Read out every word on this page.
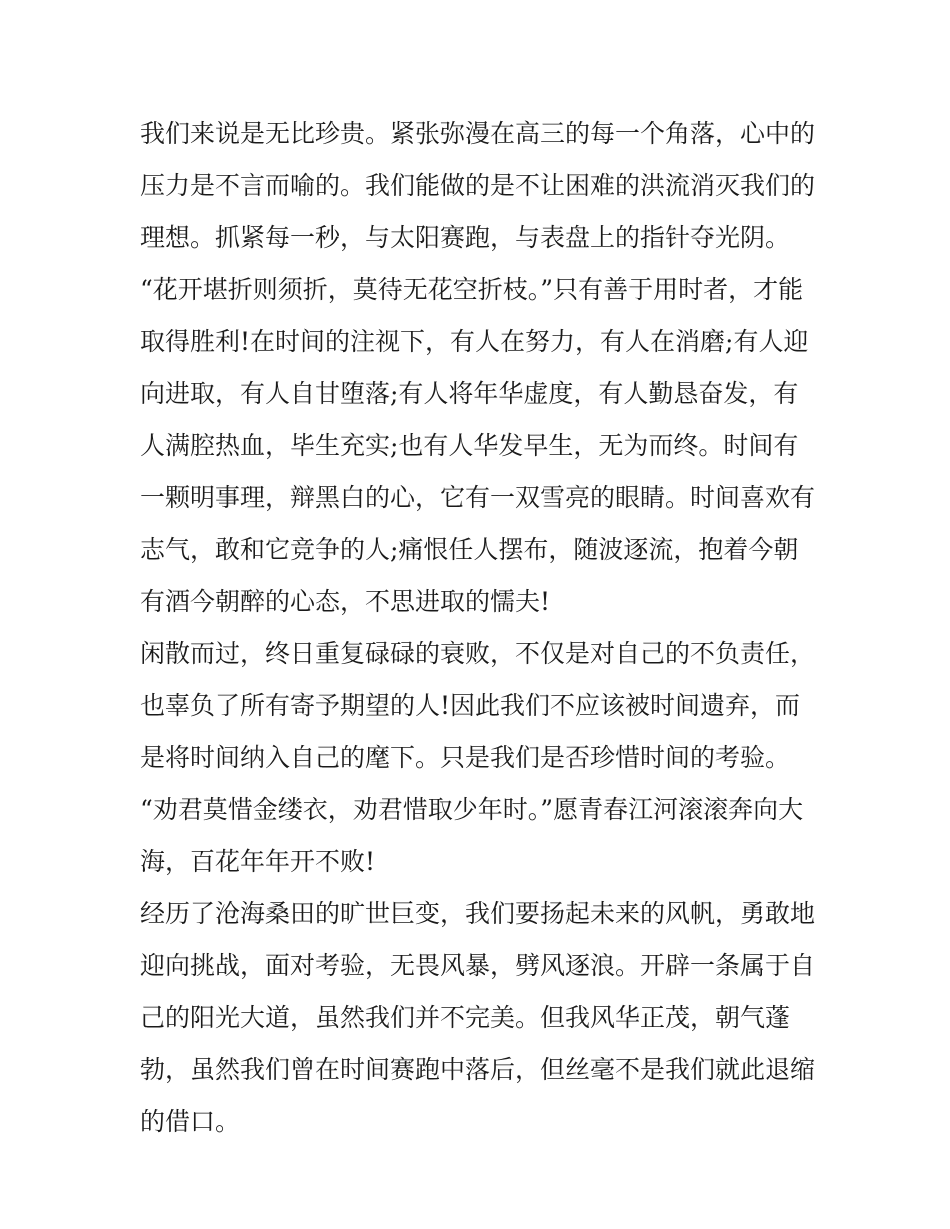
我们来说是无比珍贵。紧张弥漫在高三的每一个角落，心中的
压力是不言而喻的。我们能做的是不让困难的洪流消灭我们的
理想。抓紧每一秒，与太阳赛跑，与表盘上的指针夺光阴。
“花开堪折则须折，莫待无花空折枝。”只有善于用时者，才能
取得胜利!在时间的注视下，有人在努力，有人在消磨;有人迎
向进取，有人自甘堕落;有人将年华虚度，有人勤恳奋发，有
人满腔热血，毕生充实;也有人华发早生，无为而终。时间有
一颗明事理，辩黑白的心，它有一双雪亮的眼睛。时间喜欢有
志气，敢和它竞争的人;痛恨任人摆布，随波逐流，抱着今朝
有酒今朝醉的心态，不思进取的懦夫!
闲散而过，终日重复碌碌的衰败，不仅是对自己的不负责任，
也辜负了所有寄予期望的人!因此我们不应该被时间遗弃，而
是将时间纳入自己的麾下。只是我们是否珍惜时间的考验。
“劝君莫惜金缕衣，劝君惜取少年时。”愿青春江河滚滚奔向大
海，百花年年开不败!
经历了沧海桑田的旷世巨变，我们要扬起未来的风帆，勇敢地
迎向挑战，面对考验，无畏风暴，劈风逐浪。开辟一条属于自
己的阳光大道，虽然我们并不完美。但我风华正茂，朝气蓬
勃，虽然我们曾在时间赛跑中落后，但丝毫不是我们就此退缩
的借口。
